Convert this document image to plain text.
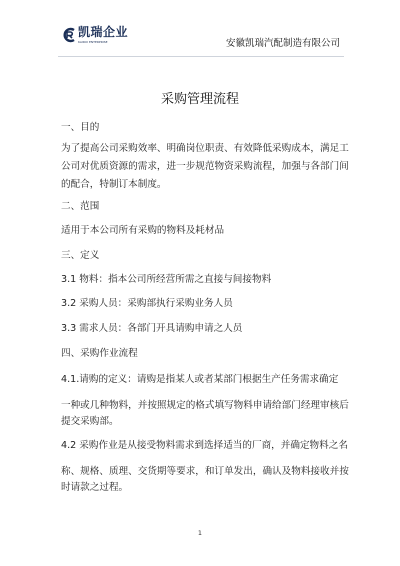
凯瑞企业
KAIRUI ENTERPRISE	安徽凯瑞汽配制造有限公司
采购管理流程
一、目的
为了提高公司采购效率、明确岗位职责、有效降低采购成本，满足工
公司对优质资源的需求，进一步规范物资采购流程，加强与各部门间
的配合，特制订本制度。
二、范围
适用于本公司所有采购的物料及耗材品
三、定义
3.1 物料：指本公司所经营所需之直接与间接物料
3.2 采购人员：采购部执行采购业务人员
3.3 需求人员：各部门开具请购申请之人员
四、采购作业流程
4.1.请购的定义：请购是指某人或者某部门根据生产任务需求确定
一种或几种物料，并按照规定的格式填写物料申请给部门经理审核后
提交采购部。
4.2 采购作业是从接受物料需求到选择适当的厂商，并确定物料之名
称、规格、质理、交货期等要求，和订单发出，确认及物料接收并按
时请款之过程。
1
